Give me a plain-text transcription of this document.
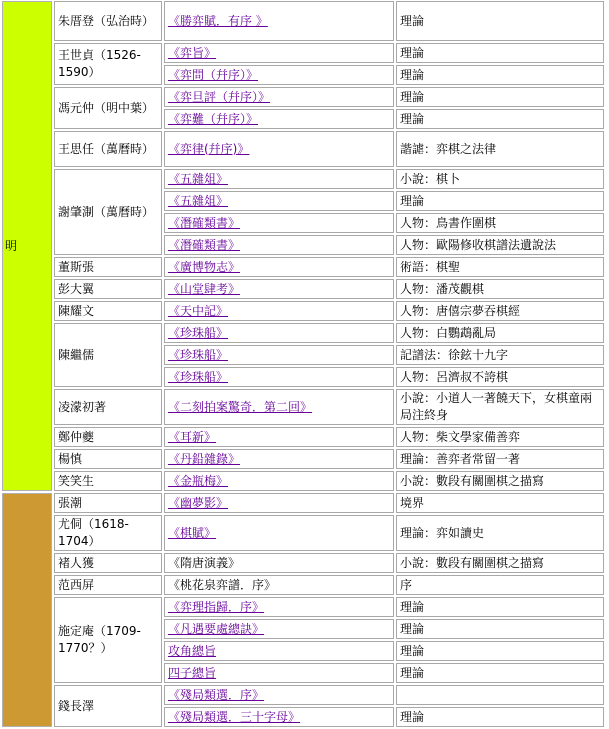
明	朱厝登（弘治時）	《勝弈賦．有序 》	理論
	王世貞（1526-1590）	《弈旨》	理論
		《弈問（幷序）》	理論
	馮元仲（明中葉）	《弈旦評（幷序）》	理論
		《弈難（幷序）》	理論
	王思任（萬曆時）	《弈律(幷序)》	諧謔：弈棋之法律
	謝肇淛（萬曆時）	《五雜俎》	小說：棋卜
		《五雜俎》	理論
		《潛確類書》	人物：鳥書作圍棋
		《潛確類書》	人物：歐陽修收棋譜法遺說法
	董斯張	《廣博物志》	術語：棋聖
	彭大翼	《山堂肆考》	人物：潘茂觀棋
	陳耀文	《天中記》	人物：唐僖宗夢吞棋經
	陳繼儒	《珍珠船》	人物：白鸚鵡亂局
		《珍珠船》	記譜法：徐鉉十九字
		《珍珠船》	人物：呂濟叔不誇棋
	凌濛初著	《二刻拍案驚奇．第二回》	小說：小道人一著饒天下，女棋童兩局注終身
	鄭仲夔	《耳新》	人物：柴文學家備善弈
	楊慎	《丹鉛雜錄》	理論：善弈者常留一著
	笑笑生	《金瓶梅》	小說：數段有關圍棋之描寫
	張潮	《幽夢影》	境界
	尤侗（1618-1704）	《棋賦》	理論：弈如讀史
	褚人獲	《隋唐演義》	小說：數段有關圍棋之描寫
	范西屏	《桃花泉弈譜．序》	序
	施定庵（1709-1770？）	《弈理指歸．序》	理論
		《凡遇要處總訣》	理論
		攻角總旨	理論
		四子總旨	理論
	錢長澤	《殘局類選．序》	
		《殘局類選．三十字母》	理論
